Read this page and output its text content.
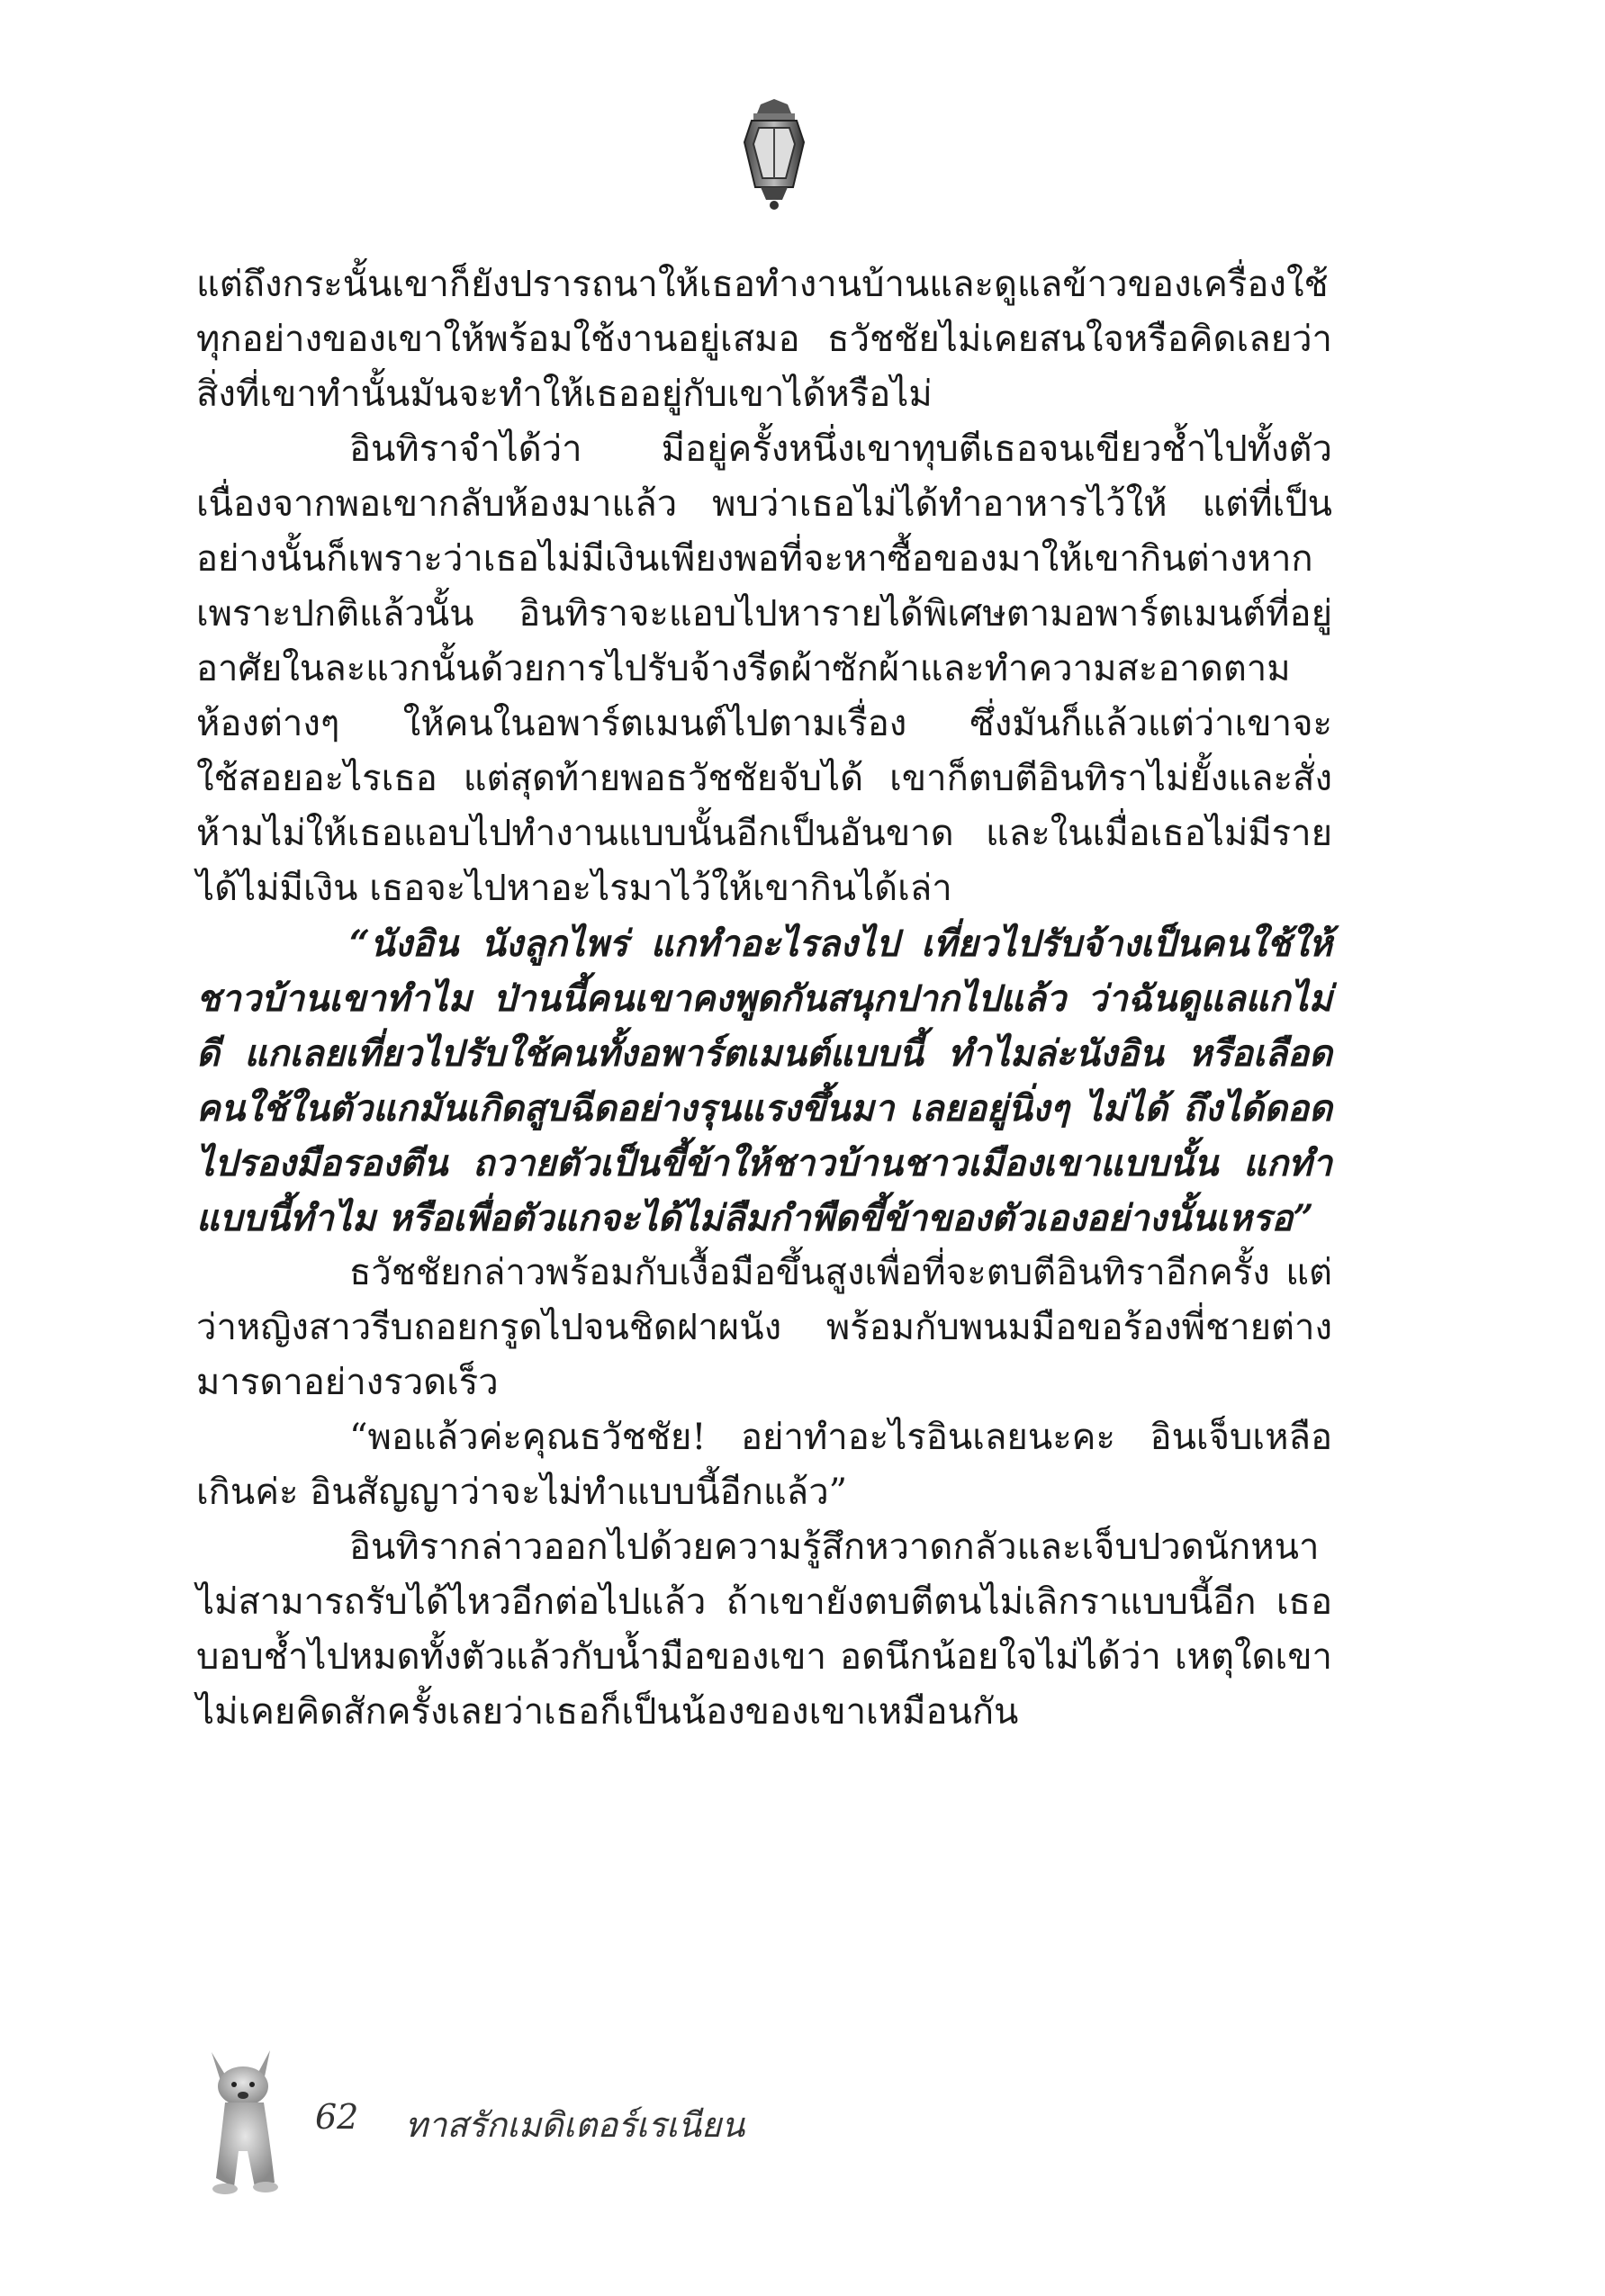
แต่ถึงกระนั้นเขาก็ยังปรารถนาให้เธอทำงานบ้านและดูแลข้าวของเครื่องใช้ทุกอย่างของเขาให้พร้อมใช้งานอยู่เสมอ ธวัชชัยไม่เคยสนใจหรือคิดเลยว่า สิ่งที่เขาทำนั้นมันจะทำให้เธออยู่กับเขาได้หรือไม่

อินทิราจำได้ว่า มีอยู่ครั้งหนึ่งเขาทุบตีเธอจนเขียวช้ำไปทั้งตัว เนื่องจากพอเขากลับห้องมาแล้ว พบว่าเธอไม่ได้ทำอาหารไว้ให้ แต่ที่เป็นอย่างนั้นก็เพราะว่าเธอไม่มีเงินเพียงพอที่จะหาซื้อของมาให้เขากินต่างหาก เพราะปกติแล้วนั้น อินทิราจะแอบไปหารายได้พิเศษตามอพาร์ตเมนต์ที่อยู่อาศัยในละแวกนั้นด้วยการไปรับจ้างรีดผ้าซักผ้าและทำความสะอาดตามห้องต่างๆ ให้คนในอพาร์ตเมนต์ไปตามเรื่อง ซึ่งมันก็แล้วแต่ว่าเขาจะใช้สอยอะไรเธอ แต่สุดท้ายพอธวัชชัยจับได้ เขาก็ตบตีอินทิราไม่ยั้งและสั่งห้ามไม่ให้เธอแอบไปทำงานแบบนั้นอีกเป็นอันขาด และในเมื่อเธอไม่มีรายได้ไม่มีเงิน เธอจะไปหาอะไรมาไว้ให้เขากินได้เล่า

“นังอิน นังลูกไพร่ แกทำอะไรลงไป เที่ยวไปรับจ้างเป็นคนใช้ให้ชาวบ้านเขาทำไม ป่านนี้คนเขาคงพูดกันสนุกปากไปแล้ว ว่าฉันดูแลแกไม่ดี แกเลยเที่ยวไปรับใช้คนทั้งอพาร์ตเมนต์แบบนี้ ทำไมล่ะนังอิน หรือเลือดคนใช้ในตัวแกมันเกิดสูบฉีดอย่างรุนแรงขึ้นมา เลยอยู่นิ่งๆ ไม่ได้ ถึงได้ดอดไปรองมือรองตีน ถวายตัวเป็นขี้ข้าให้ชาวบ้านชาวเมืองเขาแบบนั้น แกทำแบบนี้ทำไม หรือเพื่อตัวแกจะได้ไม่ลืมกำพืดขี้ข้าของตัวเองอย่างนั้นเหรอ”

ธวัชชัยกล่าวพร้อมกับเงื้อมือขึ้นสูงเพื่อที่จะตบตีอินทิราอีกครั้ง แต่ว่าหญิงสาวรีบถอยกรูดไปจนชิดฝาผนัง พร้อมกับพนมมือขอร้องพี่ชายต่างมารดาอย่างรวดเร็ว

“พอแล้วค่ะคุณธวัชชัย! อย่าทำอะไรอินเลยนะคะ อินเจ็บเหลือเกินค่ะ อินสัญญาว่าจะไม่ทำแบบนี้อีกแล้ว”

อินทิรากล่าวออกไปด้วยความรู้สึกหวาดกลัวและเจ็บปวดนักหนา ไม่สามารถรับได้ไหวอีกต่อไปแล้ว ถ้าเขายังตบตีตนไม่เลิกราแบบนี้อีก เธอบอบช้ำไปหมดทั้งตัวแล้วกับน้ำมือของเขา อดนึกน้อยใจไม่ได้ว่า เหตุใดเขาไม่เคยคิดสักครั้งเลยว่าเธอก็เป็นน้องของเขาเหมือนกัน

62 ทาสรักเมดิเตอร์เรเนียน
